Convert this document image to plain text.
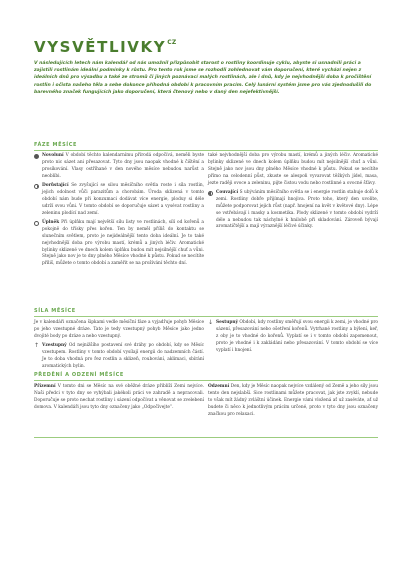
$VYSVĚTLIVKY^{CZ}$

V následujících letech nám kalendář od nás umožnil přizpůsobit starost o rostliny koordinuje cyklu, abyste si usnadnili práci a zajistili rostlinám ideální podmínky k růstu. Pro tento rok jsme se rozhodli zohlednovat vám doporučení, které vychází nejen z ideálních dnů pro výsadbu a také ze stromů či jiných poznávací malých rostlinách, ale i dnů, kdy je nejvhodnější doba k pročištění rostlin i očista našeho těla a sebe dokonce příhodná období k pracovním pracím. Celý lunární systém jsme pro vás zjednodušili do barevného značek fungujících jako doporučení, která čtenový nebo v daný den nejefektivnější.

FÁZE MĚSÍCE

Novoluní V období těchto kalendarnímu přírodá odpočívá, neměli byste proto nic sázet ani přesazovat. Tyto dny jsou naopak vhodné k čištění a prosíkování. Vlasy ostříhané v den nového měsíce nebudou narůst a neoblíbi.

Dorůstající Se zvyšující se silou měsíčního světla roste i síla rostlin, jejich odolnost vůči parazitům a chorobám. Úroda sklizená v tomto období nám bude při konzumaci dodávat více energie, ploduy si déle udrží svou vůni. V tomto období se doporučuje sázet a vysévat rostliny a zeleninu plodící nad zemí.

Úplněk Při úplňku mají největší sílu listy ve rostlinách, sílí od kořenů a pokojně do třísky přes kořen. Ten by neměl příliš do kontaktu se slunečním světlem, proto je nejideálnější tento doba ideální. Je to také nejvhodnější doba pro výrobu mastí, krémů a jiných léčiv. Aromatické bylinky sklizené ve dnech kolem úplňku budou mít nejsilnější chuť a vůni. Stejně jako nov je to dny plného Měsíce vhodné k půstu. Pokud se necítíte příliš, můžete o tomto období a zaměřit se na prožívání těchto dní.

také nejvhodnější doba pro výrobu mastí, krémů a jiných léčiv. Aromatické bylinky sklizené ve dnech kolem úplňku budou mít nejsilnější chuť a vůni. Stejně jako nov jsou dny plného Měsíce vhodné k půstu. Pokud se necítíte přímo na celodenní půst, zkuste se alespoň vyvarovat těžkých jídel, masa, jezte raději ovoce a zeleninu, pijte čistou vodu nebo rostlinné a ovocné šťávy.

Couvající S ubýváním měsíčního světla se i energie rostlin stahuje dolů k zemi. Rostliny dobře přijímají hnojiva. Proto toho, který den uvolíte, můžete podporovat jejich růst (např. hnojení na květ v květové dny). Lépe se vstřebávají i masky a kosmetika. Plody sklizené v tomto období vydrží déle a nebudou tak náchylné k hnilobě při skladování. Zároveň bývají aromatičtější a mají výraznější léčivé účinky.

SÍLA MĚSÍCE

Je v kalendáři označena šipkami vedle měsíční fáze a vyjadřuje pohyb Měsíce po jeho vzestupné dráze. Tato je tedy vzestupný pohyb Měsíce jako jedno dvojité body po dráze a nebo vzestupný.

↑ Vzestupný Od nejnižšího postavení své dráhy po období, kdy se Měsíc vzestupem. Rostliny v tomto období vysílají energii do nadzemních částí. Je to doba vhodná pro řez rostlin a sklizeň, roubování, aklimaci, sbírání aromatických bylin.

↓ Sestupný Období, kdy rostliny směřují svou energii k zemi, je vhodné pro sázení, přesazování nebo ošetření kořenů. Vytrhané rostliny a býlení, keř, z oby je to vhodné do kořenů. Vyplatí se i v tomto období zapomenout, proto je vhodné i k zakládání nebo přesazování. V tomto období se více vyplatí i hnojení.

PŘEDĚNÍ A ODZENÍ MĚSÍCE

Přízemní V tomto dni se Měsíc na své oběžné dráze přiblíží Zemi nejvíce. Naši předci v tyto dny se vyhýbali jakékoli práci ve zahradě a nepracovali. Doporučuje se proto nechat rostliny i sázení odpočívat a věnovat se zvelebení domova. V kalendáři jsou tyto dny označeny jako „Odpočívejte“.

Odzemní Den, kdy je Měsíc naopak nejvíce vzdálený od Země a jeho síly jsou tento den nejslabší. Sice rostlinami můžete pracovat, jak jste zvyklí, nebude to však mít žádný zvláštní účinek. Energie vámi vložená ať už zaséváte, ať už budete či něco k jednotlivým prácím určené, proto v tyto dny jsou označeny značkou pro relaxaci.
